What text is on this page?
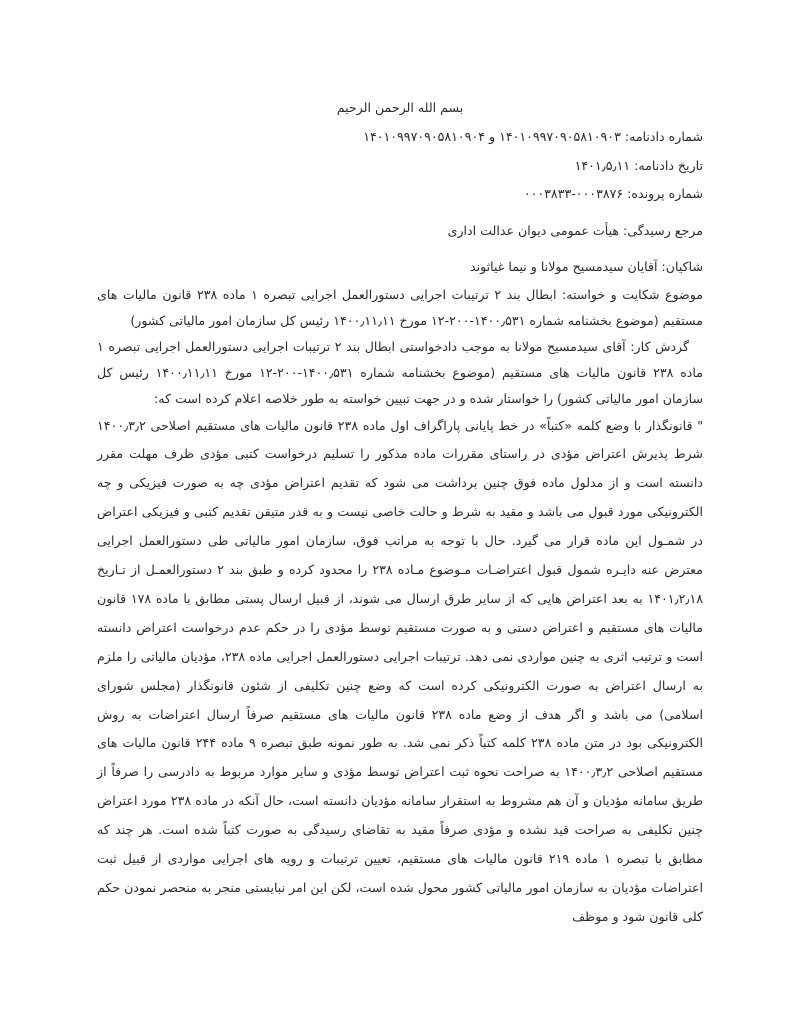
بسم الله الرحمن الرحیم
شماره دادنامه: ۱۴۰۱۰۹۹۷۰۹۰۵۸۱۰۹۰۳ و ۱۴۰۱۰۹۹۷۰۹۰۵۸۱۰۹۰۴
تاریخ دادنامه: ۱۴۰۱٫۵٫۱۱
شماره پرونده: ۰۰۰۳۸۷۶-۰۰۰۳۸۳۳
مرجع رسیدگی: هیأت عمومی دیوان عدالت اداری
شاکیان: آقایان سیدمسیح مولانا و نیما غیاثوند
موضوع شکایت و خواسته: ابطال بند ۲ ترتیبات اجرایی دستورالعمل اجرایی تبصره ۱ ماده ۲۳۸ قانون مالیات های مستقیم (موضوع بخشنامه شماره ۱۴۰۰٫۵۳۱-۲۰۰-۱۲ مورخ ۱۴۰۰٫۱۱٫۱۱ رئیس کل سازمان امور مالیاتی کشور)
گردش کار: آقای سیدمسیح مولانا به موجب دادخواستی ابطال بند ۲ ترتیبات اجرایی دستورالعمل اجرایی تبصره ۱ ماده ۲۳۸ قانون مالیات های مستقیم (موضوع بخشنامه شماره ۱۴۰۰٫۵۳۱-۲۰۰-۱۲ مورخ ۱۴۰۰٫۱۱٫۱۱ رئیس کل سازمان امور مالیاتی کشور) را خواستار شده و در جهت تبیین خواسته به طور خلاصه اعلام کرده است که:
" قانونگذار با وضع کلمه «کتباً» در خط پایانی پاراگراف اول ماده ۲۳۸ قانون مالیات های مستقیم اصلاحی ۱۴۰۰٫۳٫۲ شرط پذیرش اعتراض مؤدی در راستای مقررات ماده مذکور را تسلیم درخواست کتبی مؤدی ظرف مهلت مقرر دانسته است و از مدلول ماده فوق چنین برداشت می شود که تقدیم اعتراض مؤدی چه به صورت فیزیکی و چه الکترونیکی مورد قبول می باشد و مقید به شرط و حالت خاصی نیست و به قدر متیقن تقدیم کتبی و فیزیکی اعتراض در شمـول این ماده قرار می گیرد. حال با توجه به مراتب فوق، سازمان امور مالیاتی طی دستورالعمل اجرایی معترض عنه دایـره شمول قبول اعتراضـات مـوضوع مـاده ۲۳۸ را محدود کرده و طبق بند ۲ دستورالعمـل از تـاریخ ۱۴۰۱٫۲٫۱۸ به بعد اعتراض هایی که از سایر طرق ارسال می شوند، از قبیل ارسال پستی مطابق با ماده ۱۷۸ قانون مالیات های مستقیم و اعتراض دستی و به صورت مستقیم توسط مؤدی را در حکم عدم درخواست اعتراض دانسته است و ترتیب اثری به چنین مواردی نمی دهد. ترتیبات اجرایی دستورالعمل اجرایی ماده ۲۳۸، مؤدیان مالیاتی را ملزم به ارسال اعتراض به صورت الکترونیکی کرده است که وضع چنین تکلیفی از شئون قانونگذار (مجلس شورای اسلامی) می باشد و اگر هدف از وضع ماده ۲۳۸ قانون مالیات های مستقیم صرفاً ارسال اعتراضات به روش الکترونیکی بود در متن ماده ۲۳۸ کلمه کتباً ذکر نمی شد. به طور نمونه طبق تبصره ۹ ماده ۲۴۴ قانون مالیات های مستقیم اصلاحی ۱۴۰۰٫۳٫۲ به صراحت نحوه ثبت اعتراض توسط مؤدی و سایر موارد مربوط به دادرسی را صرفاً از طریق سامانه مؤدیان و آن هم مشروط به استقرار سامانه مؤدیان دانسته است، حال آنکه در ماده ۲۳۸ مورد اعتراض چنین تکلیفی به صراحت قید نشده و مؤدی صرفاً مقید به تقاضای رسیدگی به صورت کتباً شده است. هر چند که مطابق با تبصره ۱ ماده ۲۱۹ قانون مالیات های مستقیم، تعیین ترتیبات و رویه های اجرایی مواردی از قبیل ثبت اعتراضات مؤدیان به سازمان امور مالیاتی کشور محول شده است، لکن این امر نبایستی منجر به منحصر نمودن حکم کلی قانون شود و موظف
